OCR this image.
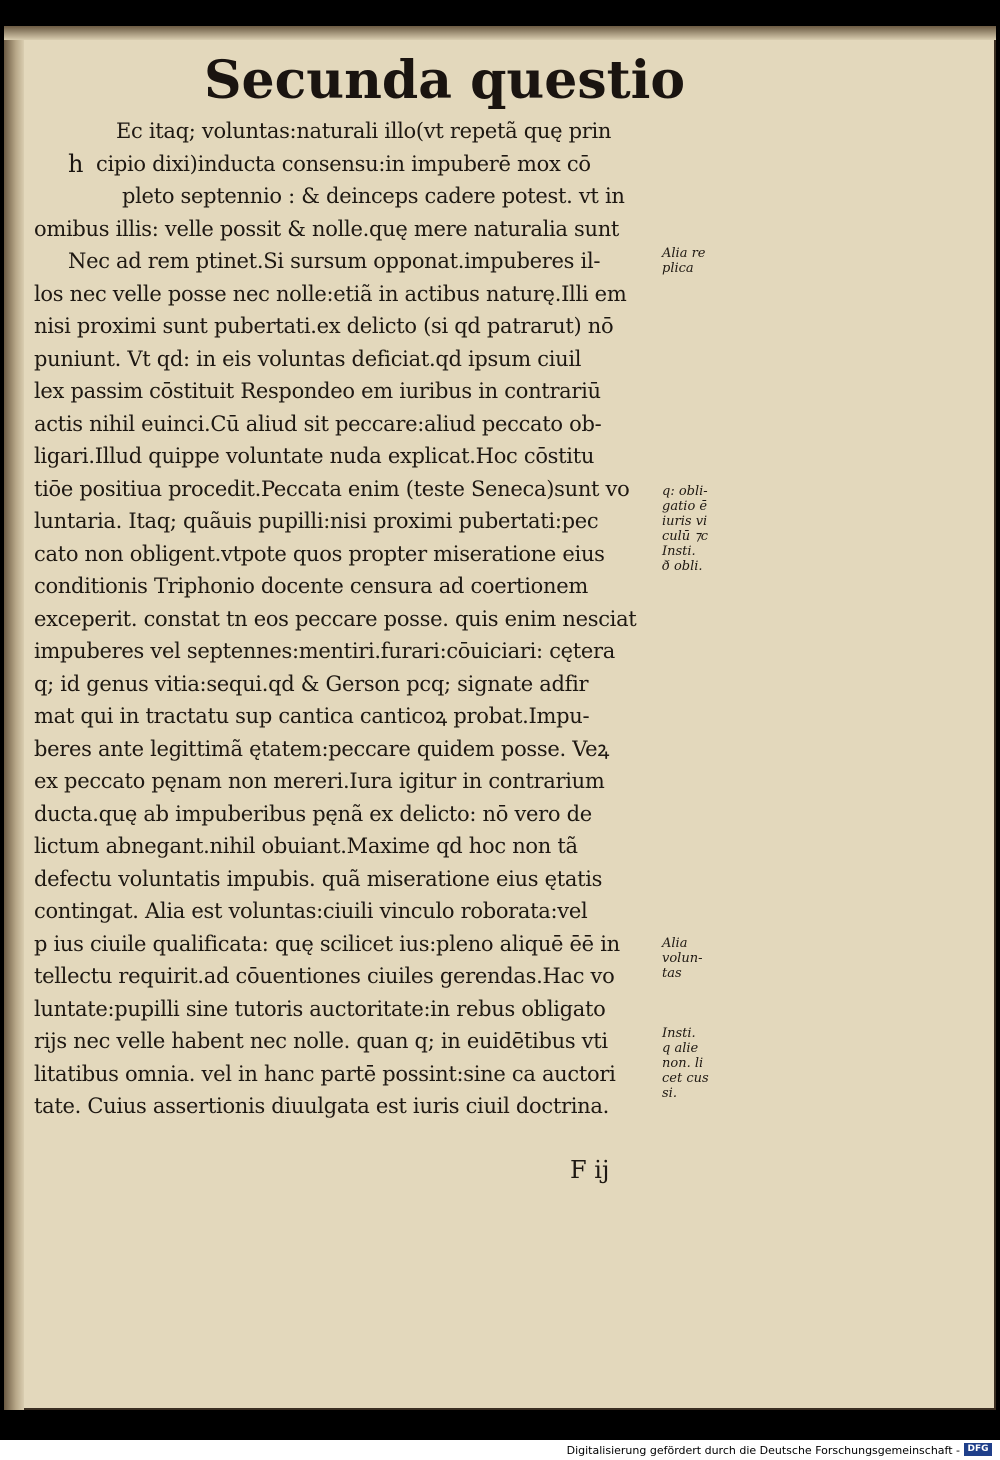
Secunda questio
h
Ec itaq; voluntas:naturali illo(vt repetã quę prin
cipio dixi)inducta consensu:in impuberē mox cō
pleto septennio : & deinceps cadere potest. vt in
omibus illis: velle possit & nolle.quę mere naturalia sunt
Nec ad rem ptinet.Si sursum opponat.impuberes il-
los nec velle posse nec nolle:etiã in actibus naturę.Illi em
nisi proximi sunt pubertati.ex delicto (si qd patrarut) nō
puniunt. Vt qd: in eis voluntas deficiat.qd ipsum ciuil
lex passim cōstituit Respondeo em iuribus in contrariū
actis nihil euinci.Cū aliud sit peccare:aliud peccato ob-
ligari.Illud quippe voluntate nuda explicat.Hoc cōstitu
tiōe positiua procedit.Peccata enim (teste Seneca)sunt vo
luntaria. Itaq; quãuis pupilli:nisi proximi pubertati:pec
cato non obligent.vtpote quos propter miseratione eius
conditionis Triphonio docente censura ad coertionem
exceperit. constat tn eos peccare posse. quis enim nesciat
impuberes vel septennes:mentiri.furari:cōuiciari: cętera
q; id genus vitia:sequi.qd & Gerson pcq; signate adfir
mat qui in tractatu sup cantica canticoꝝ probat.Impu-
beres ante legittimã ętatem:peccare quidem posse. Veꝝ
ex peccato pęnam non mereri.Iura igitur in contrarium
ducta.quę ab impuberibus pęnã ex delicto: nō vero de
lictum abnegant.nihil obuiant.Maxime qd hoc non tã
defectu voluntatis impubis. quã miseratione eius ętatis
contingat. Alia est voluntas:ciuili vinculo roborata:vel
p ius ciuile qualificata: quę scilicet ius:pleno aliquē ēē in
tellectu requirit.ad cōuentiones ciuiles gerendas.Hac vo
luntate:pupilli sine tutoris auctoritate:in rebus obligato
rijs nec velle habent nec nolle. quan q; in euidētibus vti
litatibus omnia. vel in hanc partē possint:sine ca auctori
tate. Cuius assertionis diuulgata est iuris ciuil doctrina.
Alia re
plica
q: obli-
gatio ē
iuris vi
culū ⁊c
Insti.
ð obli.
Alia
volun-
tas
Insti.
q alie
non. li
cet cus
si.
F ij
Digitalisierung gefördert durch die Deutsche Forschungsgemeinschaft - DFG
